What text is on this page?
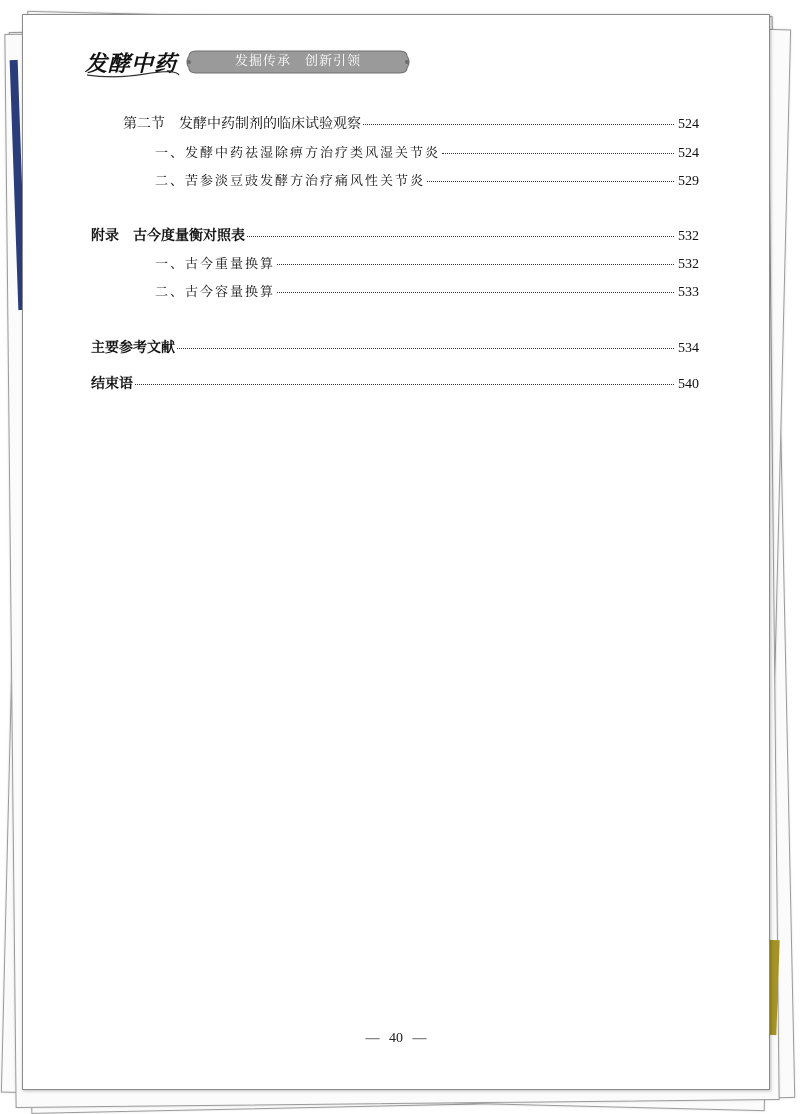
发酵中药	发掘传承　创新引领
第二节　发酵中药制剂的临床试验观察	524
一、发酵中药祛湿除痹方治疗类风湿关节炎	524
二、苦参淡豆豉发酵方治疗痛风性关节炎	529
附录　古今度量衡对照表	532
一、古今重量换算	532
二、古今容量换算	533
主要参考文献	534
结束语	540
— 40 —
